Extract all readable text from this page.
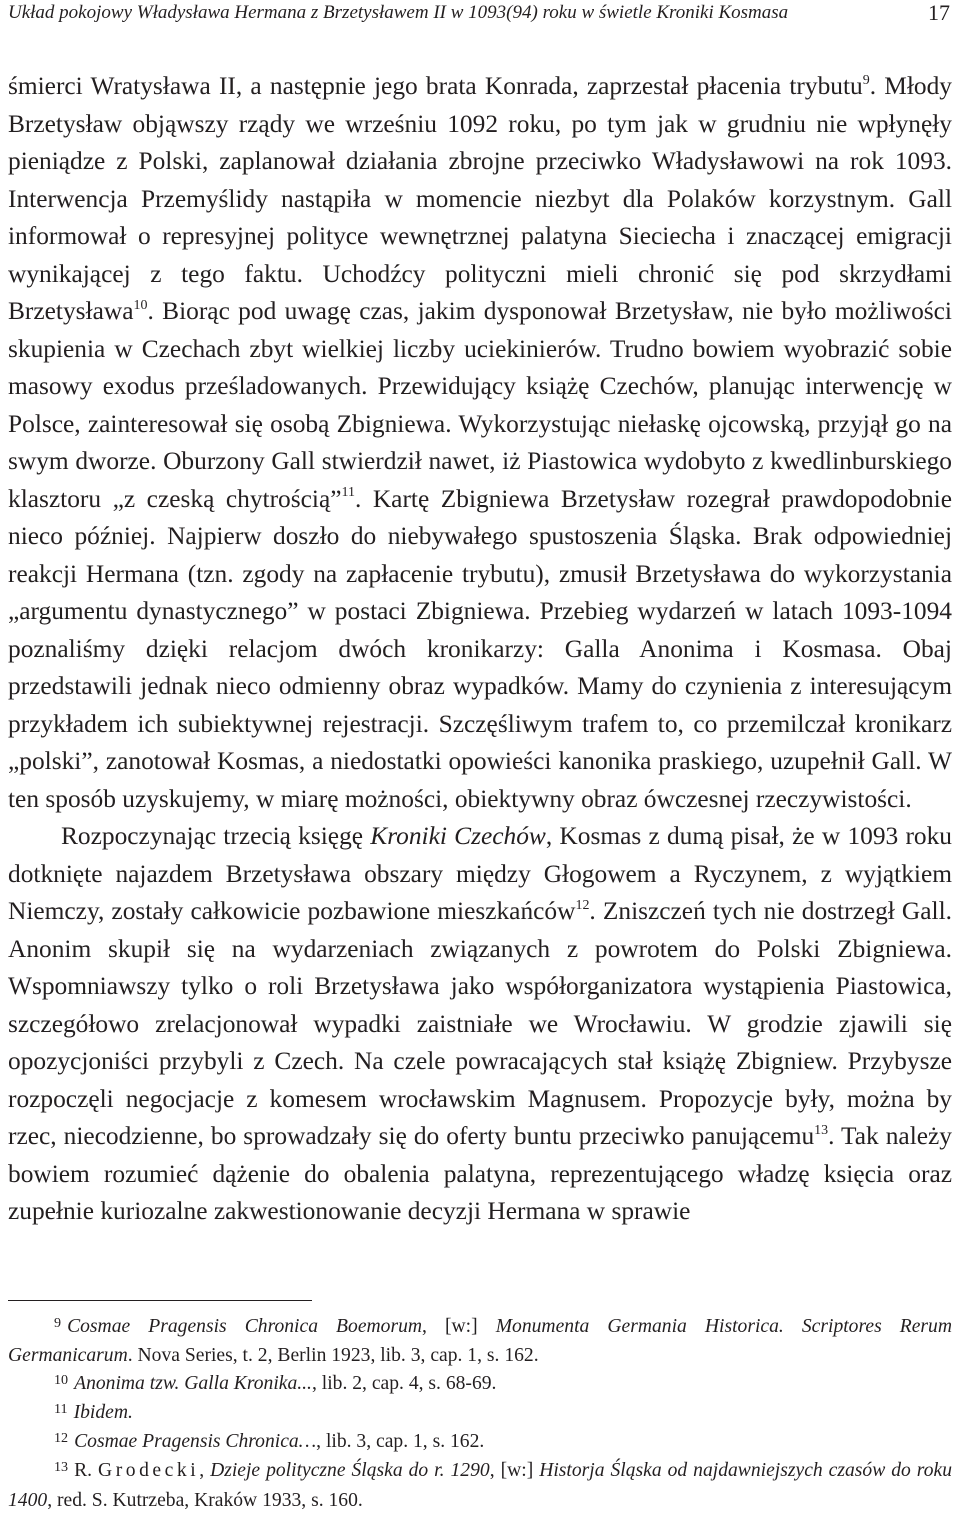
Układ pokojowy Władysława Hermana z Brzetysławem II w 1093(94) roku w świetle Kroniki Kosmasa	17

śmierci Wratysława II, a następnie jego brata Konrada, zaprzestał płacenia trybutu$^9$. Młody Brzetysław objąwszy rządy we wrześniu 1092 roku, po tym jak w grudniu nie wpłynęły pieniądze z Polski, zaplanował działania zbrojne przeciwko Władysławowi na rok 1093. Interwencja Przemyślidy nastąpiła w momencie niezbyt dla Polaków korzystnym. Gall informował o represyjnej polityce wewnętrznej palatyna Sieciecha i znaczącej emigracji wynikającej z tego faktu. Uchodźcy polityczni mieli chronić się pod skrzydłami Brzetysława$^{10}$. Biorąc pod uwagę czas, jakim dysponował Brzetysław, nie było możliwości skupienia w Czechach zbyt wielkiej liczby uciekinierów. Trudno bowiem wyobrazić sobie masowy exodus prześladowanych. Przewidujący książę Czechów, planując interwencję w Polsce, zainteresował się osobą Zbigniewa. Wykorzystując niełaskę ojcowską, przyjął go na swym dworze. Oburzony Gall stwierdził nawet, iż Piastowica wydobyto z kwedlinburskiego klasztoru „z czeską chytrością”$^{11}$. Kartę Zbigniewa Brzetysław rozegrał prawdopodobnie nieco później. Najpierw doszło do niebywałego spustoszenia Śląska. Brak odpowiedniej reakcji Hermana (tzn. zgody na zapłacenie trybutu), zmusił Brzetysława do wykorzystania „argumentu dynastycznego” w postaci Zbigniewa. Przebieg wydarzeń w latach 1093-1094 poznaliśmy dzięki relacjom dwóch kronikarzy: Galla Anonima i Kosmasa. Obaj przedstawili jednak nieco odmienny obraz wypadków. Mamy do czynienia z interesującym przykładem ich subiektywnej rejestracji. Szczęśliwym trafem to, co przemilczał kronikarz „polski”, zanotował Kosmas, a niedostatki opowieści kanonika praskiego, uzupełnił Gall. W ten sposób uzyskujemy, w miarę możności, obiektywny obraz ówczesnej rzeczywistości.

Rozpoczynając trzecią księgę Kroniki Czechów, Kosmas z dumą pisał, że w 1093 roku dotknięte najazdem Brzetysława obszary między Głogowem a Ryczynem, z wyjątkiem Niemczy, zostały całkowicie pozbawione mieszkańców$^{12}$. Zniszczeń tych nie dostrzegł Gall. Anonim skupił się na wydarzeniach związanych z powrotem do Polski Zbigniewa. Wspomniawszy tylko o roli Brzetysława jako współorganizatora wystąpienia Piastowica, szczegółowo zrelacjonował wypadki zaistniałe we Wrocławiu. W grodzie zjawili się opozycjoniści przybyli z Czech. Na czele powracających stał książę Zbigniew. Przybysze rozpoczęli negocjacje z komesem wrocławskim Magnusem. Propozycje były, można by rzec, niecodzienne, bo sprowadzały się do oferty buntu przeciwko panującemu$^{13}$. Tak należy bowiem rozumieć dążenie do obalenia palatyna, reprezentującego władzę księcia oraz zupełnie kuriozalne zakwestionowanie decyzji Hermana w sprawie

$^9$ Cosmae Pragensis Chronica Boemorum, [w:] Monumenta Germania Historica. Scriptores Rerum Germanicarum. Nova Series, t. 2, Berlin 1923, lib. 3, cap. 1, s. 162.

$^{10}$ Anonima tzw. Galla Kronika..., lib. 2, cap. 4, s. 68-69.

$^{11}$ Ibidem.

$^{12}$ Cosmae Pragensis Chronica…, lib. 3, cap. 1, s. 162.

$^{13}$ R. Grodecki, Dzieje polityczne Śląska do r. 1290, [w:] Historja Śląska od najdawniejszych czasów do roku 1400, red. S. Kutrzeba, Kraków 1933, s. 160.
